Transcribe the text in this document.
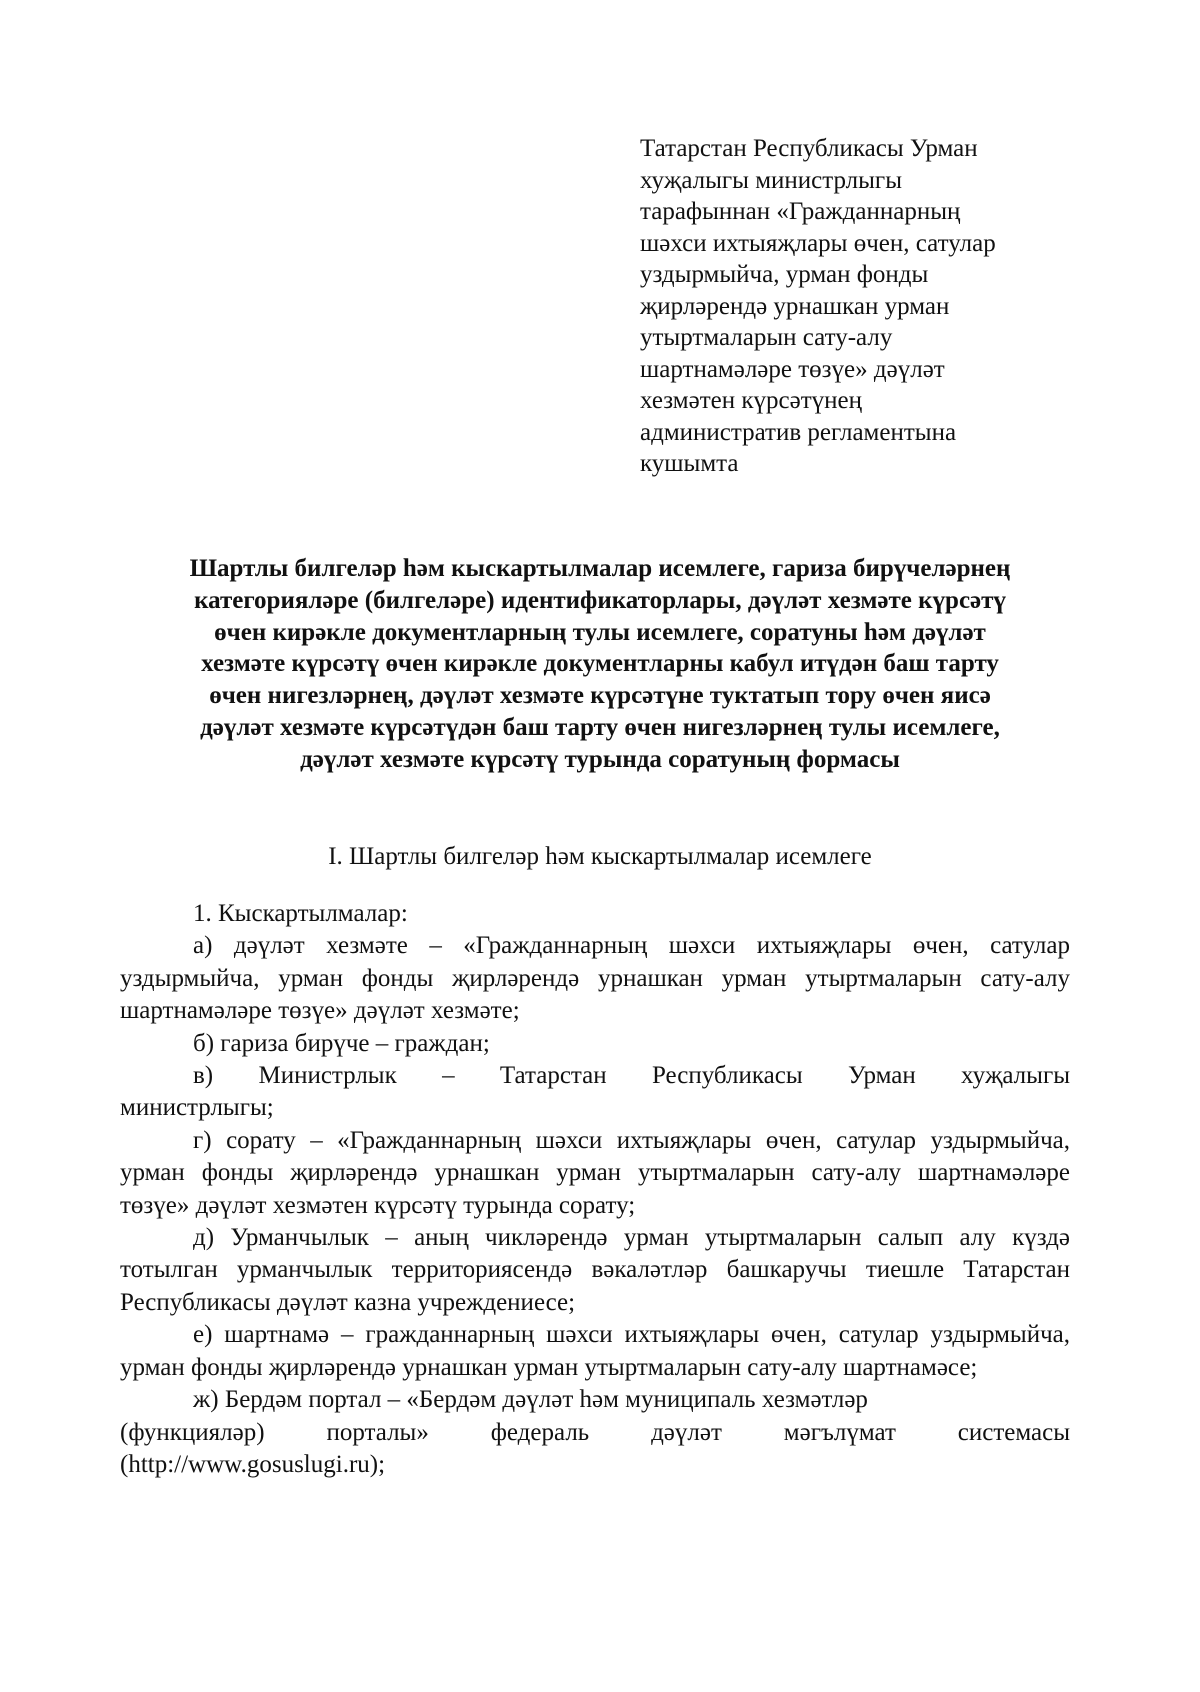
Татарстан Республикасы Урман
хуҗалыгы министрлыгы
тарафыннан «Гражданнарның
шәхси ихтыяҗлары өчен, сатулар
уздырмыйча, урман фонды
җирләрендә урнашкан урман
утыртмаларын сату-алу
шартнамәләре төзүе» дәүләт
хезмәтен күрсәтүнең
административ регламентына
кушымта
Шартлы билгеләр һәм кыскартылмалар исемлеге, гариза бирүчеләрнең
категорияләре (билгеләре) идентификаторлары, дәүләт хезмәте күрсәтү
өчен кирәкле документларның тулы исемлеге, соратуны һәм дәүләт
хезмәте күрсәтү өчен кирәкле документларны кабул итүдән баш тарту
өчен нигезләрнең, дәүләт хезмәте күрсәтүне туктатып тору өчен яисә
дәүләт хезмәте күрсәтүдән баш тарту өчен нигезләрнең тулы исемлеге,
дәүләт хезмәте күрсәтү турында соратуның формасы
I. Шартлы билгеләр һәм кыскартылмалар исемлеге

1. Кыскартылмалар:

а) дәүләт хезмәте – «Гражданнарның шәхси ихтыяҗлары өчен, сатулар уздырмыйча, урман фонды җирләрендә урнашкан урман утыртмаларын сату-алу шартнамәләре төзүе» дәүләт хезмәте;

б) гариза бирүче – граждан;

в) Министрлык – Татарстан Республикасы Урман хуҗалыгы

министрлыгы;

г) сорату – «Гражданнарның шәхси ихтыяҗлары өчен, сатулар уздырмыйча, урман фонды җирләрендә урнашкан урман утыртмаларын сату-алу шартнамәләре төзүе» дәүләт хезмәтен күрсәтү турында сорату;

д) Урманчылык – аның чикләрендә урман утыртмаларын салып алу күздә тотылган урманчылык территориясендә вәкаләтләр башкаручы тиешле Татарстан Республикасы дәүләт казна учреждениесе;

е) шартнамә – гражданнарның шәхси ихтыяҗлары өчен, сатулар уздырмыйча, урман фонды җирләрендә урнашкан урман утыртмаларын сату-алу шартнамәсе;

ж) Бердәм портал – «Бердәм дәүләт һәм муниципаль хезмәтләр

(функцияләр) порталы» федераль дәүләт мәгълүмат системасы

(http://www.gosuslugi.ru);
